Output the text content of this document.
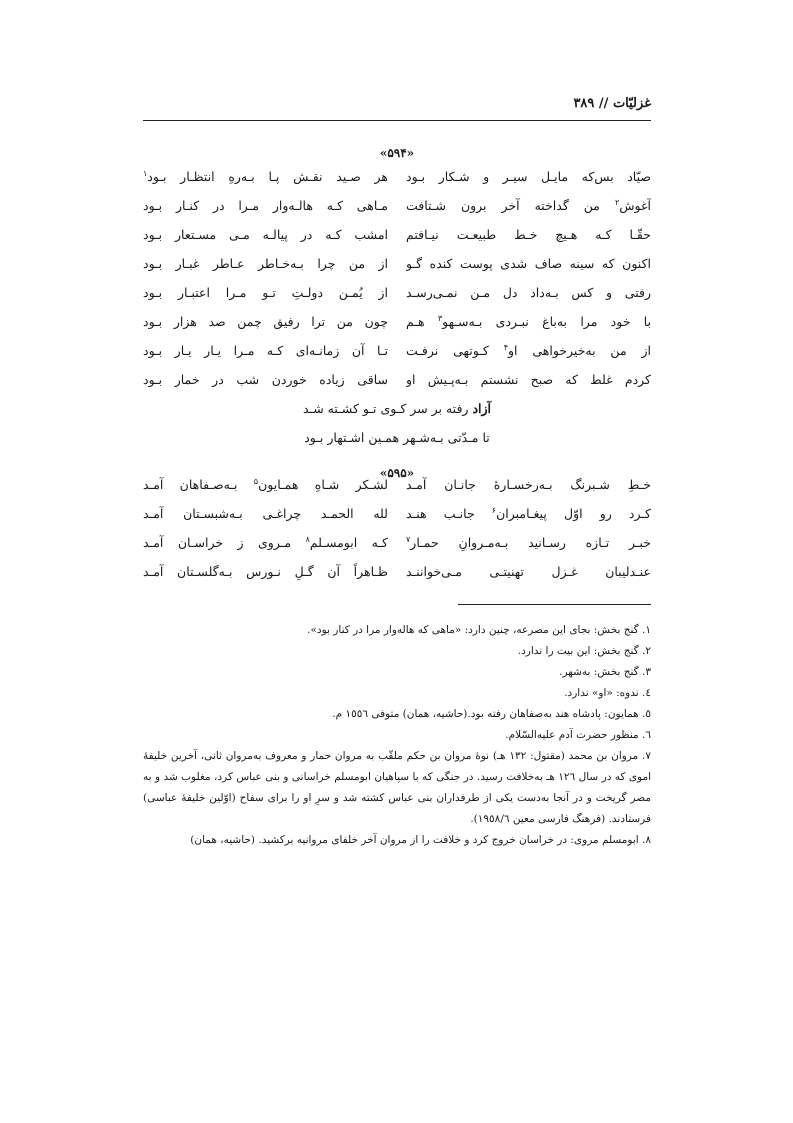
غزلیّات // ۳۸۹
«۵۹۴»
صیّاد بس‌که مایـل سیـر و شـکار بـود
هر صـید نقـش پـا بـه‌رهِ انتظـار بـود$^۱$
آغوش$^۲$ من گداخته آخر برون شـتافت
مـاهی کـه هالـه‌وار مـرا در کنـار بـود
حقّـا کـه هـیچ خـط طبیعـت نیـافتم
امشب کـه در پیالـه مـی مسـتعار بـود
اکنون که سینه صاف شدی پوست کنده گـو
از من چرا بـه‌خـاطر عـاطر غبـار بـود
رفتی و کس بـه‌داد دل مـن نمـی‌رسـد
از یُمـن دولـتِ تـو مـرا اعتبـار بـود
با خود مرا به‌باغ نبـردی بـه‌سـهو$^۳$ هـم
چون من ترا رفیق چمن صد هزار بـود
از من به‌خیرخواهی او$^۴$ کـوتهی نرفـت
تـا آن زمانـه‌ای کـه مـرا یـار یـار بـود
کردم غلط که صبح نشستم بـه‌پـیش او
ساقی زیاده خوردن شب در خمار بـود
آزاد رفته بر سر کـوی تـو کشـته شـد
تا مـدّتی بـه‌شـهر همـین اشـتهار بـود
«۵۹۵»
خـطِ شـبرنگ بـه‌رخسـارهٔ جانـان آمـد
لشـکر شـاهِ همـایون$^۵$ بـه‌صـفاهان آمـد
کـرد رو اوّل پیغـامبران$^۶$ جانـب هنـد
لله الحمـد چراغـی بـه‌شبسـتان آمـد
خبـر تـازه رسـانید بـه‌مـروانِ حمـار$^۷$
کـه ابومسـلم$^۸$ مـروی ز خراسـان آمـد
عنـدلیبان غـزل تهنیتـی مـی‌خواننـد
ظـاهراً آن گـلِ نـورس بـه‌گلسـتان آمـد
۱. گنج بخش: بجای این مصرعه، چنین دارد: «ماهی که هاله‌وار مرا در کنار بود».
۲. گنج بخش: این بیت را ندارد.
۳. گنج بخش: به‌شهر.
٤. ندوه: «او» ندارد.
٥. همایون: پادشاه هند به‌صفاهان رفته بود.(حاشیه، همان) متوفی ١٥٥٦ م.
٦. منظور حضرت آدم علیه‌السّلام.
٧. مروان بن محمد (مقتول: ١٣٢ هـ) نوهٔ مروان بن حکم ملقّب به مروان حمار و معروف به‌مروان ثانی، آخرین خلیفهٔ اموی که در سال ١٢٦ هـ به‌خلافت رسید. در جنگی که با سپاهیان ابومسلم خراسانی و بنی عباس کرد، مغلوب شد و به مصر گریخت و در آنجا به‌دست یکی از طرفداران بنی عباس کشته شد و سرِ او را برای سفاح (اوّلین خلیفهٔ عباسی) فرستادند. (فرهنگ فارسی معین ١٩٥٨/٦).
٨. ابومسلم مروی: در خراسان خروج کرد و خلافت را از مروان آخر خلفای مروانیه برکشید. (حاشیه، همان)
